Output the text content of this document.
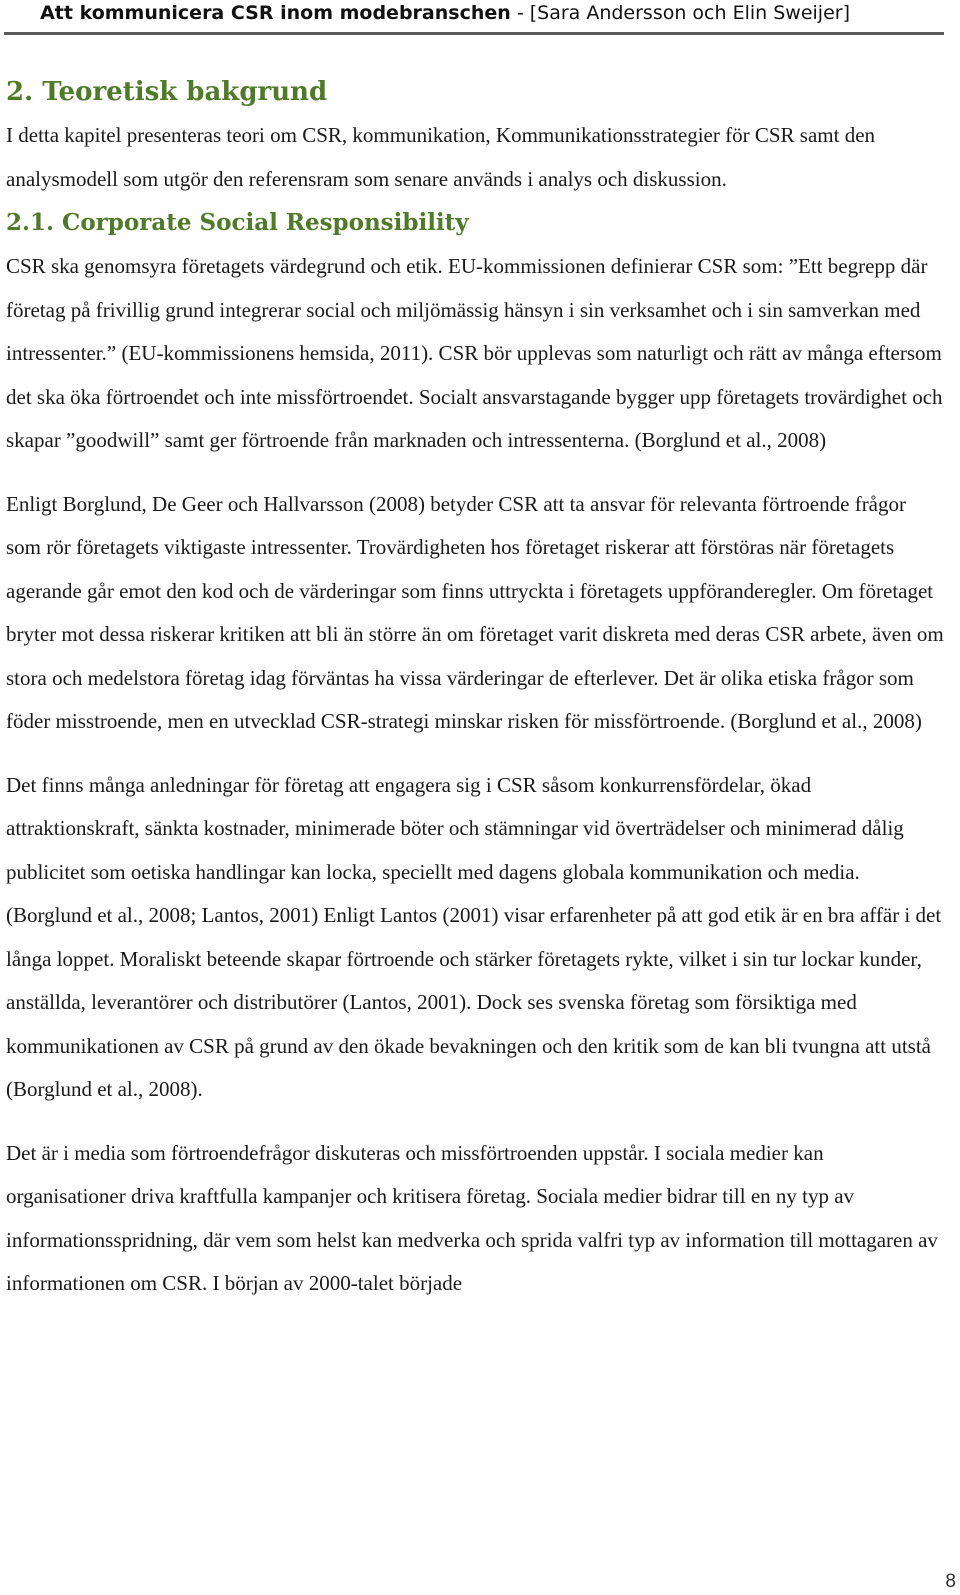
Att kommunicera CSR inom modebranschen - [Sara Andersson och Elin Sweijer]
2. Teoretisk bakgrund

I detta kapitel presenteras teori om CSR, kommunikation, Kommunikationsstrategier för CSR samt den analysmodell som utgör den referensram som senare används i analys och diskussion.

2.1. Corporate Social Responsibility

CSR ska genomsyra företagets värdegrund och etik. EU-kommissionen definierar CSR som: ”Ett begrepp där företag på frivillig grund integrerar social och miljömässig hänsyn i sin verksamhet och i sin samverkan med intressenter.” (EU-kommissionens hemsida, 2011). CSR bör upplevas som naturligt och rätt av många eftersom det ska öka förtroendet och inte missförtroendet. Socialt ansvarstagande bygger upp företagets trovärdighet och skapar ”goodwill” samt ger förtroende från marknaden och intressenterna. (Borglund et al., 2008)

Enligt Borglund, De Geer och Hallvarsson (2008) betyder CSR att ta ansvar för relevanta förtroende frågor som rör företagets viktigaste intressenter. Trovärdigheten hos företaget riskerar att förstöras när företagets agerande går emot den kod och de värderingar som finns uttryckta i företagets uppföranderegler. Om företaget bryter mot dessa riskerar kritiken att bli än större än om företaget varit diskreta med deras CSR arbete, även om stora och medelstora företag idag förväntas ha vissa värderingar de efterlever. Det är olika etiska frågor som föder misstroende, men en utvecklad CSR-strategi minskar risken för missförtroende. (Borglund et al., 2008)

Det finns många anledningar för företag att engagera sig i CSR såsom konkurrensfördelar, ökad attraktionskraft, sänkta kostnader, minimerade böter och stämningar vid överträdelser och minimerad dålig publicitet som oetiska handlingar kan locka, speciellt med dagens globala kommunikation och media. (Borglund et al., 2008; Lantos, 2001) Enligt Lantos (2001) visar erfarenheter på att god etik är en bra affär i det långa loppet. Moraliskt beteende skapar förtroende och stärker företagets rykte, vilket i sin tur lockar kunder, anställda, leverantörer och distributörer (Lantos, 2001). Dock ses svenska företag som försiktiga med kommunikationen av CSR på grund av den ökade bevakningen och den kritik som de kan bli tvungna att utstå (Borglund et al., 2008).

Det är i media som förtroendefrågor diskuteras och missförtroenden uppstår. I sociala medier kan organisationer driva kraftfulla kampanjer och kritisera företag. Sociala medier bidrar till en ny typ av informationsspridning, där vem som helst kan medverka och sprida valfri typ av information till mottagaren av informationen om CSR. I början av 2000-talet började

8
